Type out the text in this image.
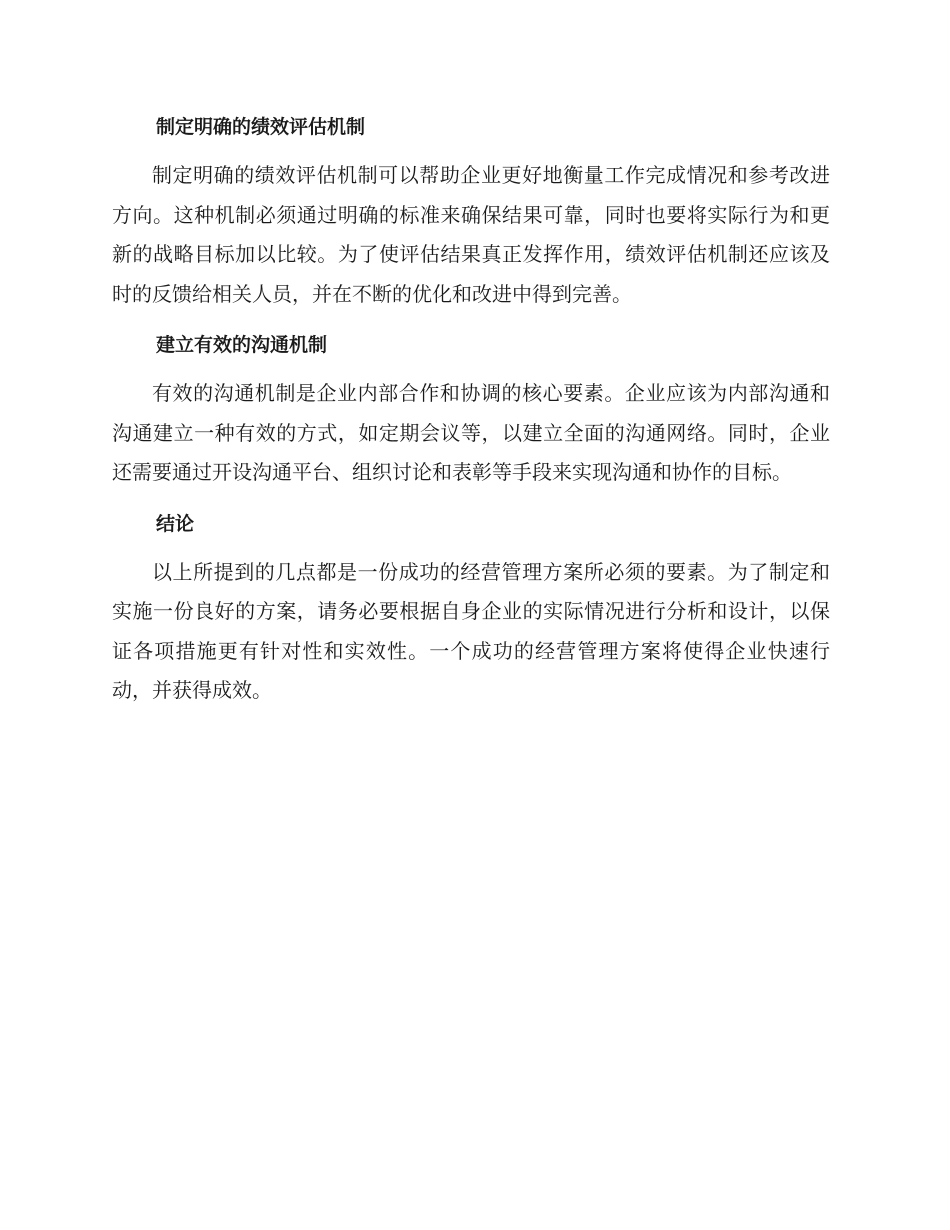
制定明确的绩效评估机制

制定明确的绩效评估机制可以帮助企业更好地衡量工作完成情况和参考改进方向。这种机制必须通过明确的标准来确保结果可靠，同时也要将实际行为和更新的战略目标加以比较。为了使评估结果真正发挥作用，绩效评估机制还应该及时的反馈给相关人员，并在不断的优化和改进中得到完善。

建立有效的沟通机制

有效的沟通机制是企业内部合作和协调的核心要素。企业应该为内部沟通和沟通建立一种有效的方式，如定期会议等，以建立全面的沟通网络。同时，企业还需要通过开设沟通平台、组织讨论和表彰等手段来实现沟通和协作的目标。

结论

以上所提到的几点都是一份成功的经营管理方案所必须的要素。为了制定和实施一份良好的方案，请务必要根据自身企业的实际情况进行分析和设计，以保证各项措施更有针对性和实效性。一个成功的经营管理方案将使得企业快速行动，并获得成效。
